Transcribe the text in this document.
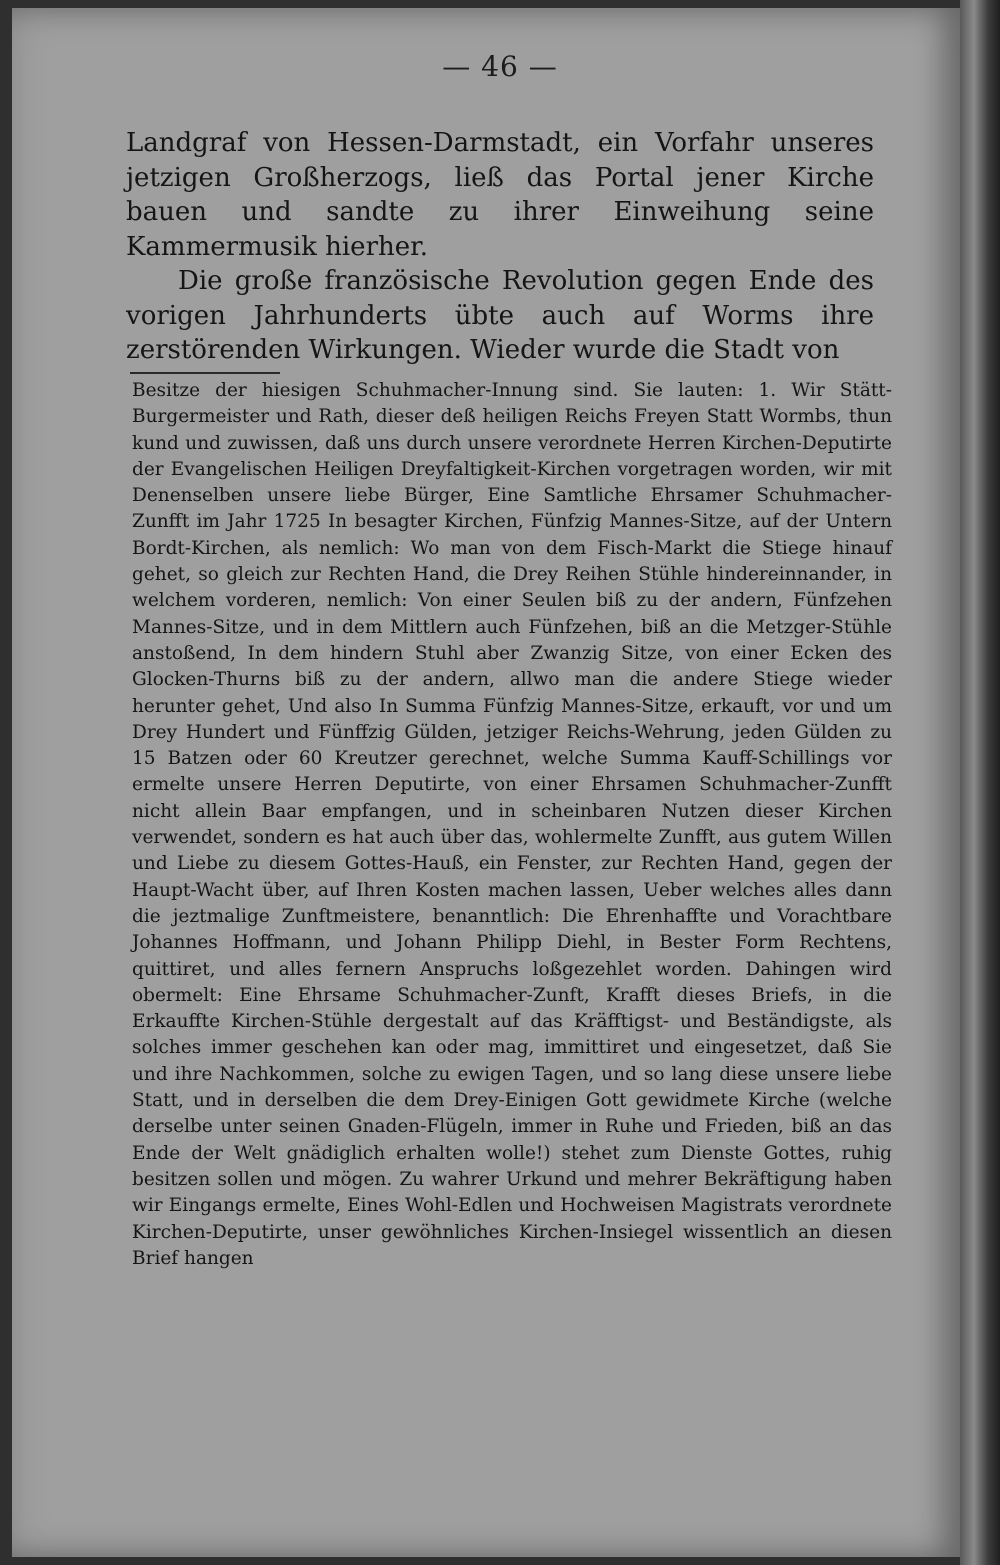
— 46 —

Landgraf von Hessen-Darmstadt, ein Vorfahr unseres jetzigen Großherzogs, ließ das Portal jener Kirche bauen und sandte zu ihrer Einweihung seine Kammermusik hierher.

Die große französische Revolution gegen Ende des vorigen Jahrhunderts übte auch auf Worms ihre zerstörenden Wirkungen. Wieder wurde die Stadt von

Besitze der hiesigen Schuhmacher-Innung sind. Sie lauten: 1. Wir Stätt-Burgermeister und Rath, dieser deß heiligen Reichs Freyen Statt Wormbs, thun kund und zuwissen, daß uns durch unsere verordnete Herren Kirchen-Deputirte der Evangelischen Heiligen Dreyfaltigkeit-Kirchen vorgetragen worden, wir mit Denenselben unsere liebe Bürger, Eine Samtliche Ehrsamer Schuhmacher-Zunfft im Jahr 1725 In besagter Kirchen, Fünfzig Mannes-Sitze, auf der Untern Bordt-Kirchen, als nemlich: Wo man von dem Fisch-Markt die Stiege hinauf gehet, so gleich zur Rechten Hand, die Drey Reihen Stühle hindereinnander, in welchem vorderen, nemlich: Von einer Seulen biß zu der andern, Fünfzehen Mannes-Sitze, und in dem Mittlern auch Fünfzehen, biß an die Metzger-Stühle anstoßend, In dem hindern Stuhl aber Zwanzig Sitze, von einer Ecken des Glocken-Thurns biß zu der andern, allwo man die andere Stiege wieder herunter gehet, Und also In Summa Fünfzig Mannes-Sitze, erkauft, vor und um Drey Hundert und Fünffzig Gülden, jetziger Reichs-Wehrung, jeden Gülden zu 15 Batzen oder 60 Kreutzer gerechnet, welche Summa Kauff-Schillings vor ermelte unsere Herren Deputirte, von einer Ehrsamen Schuhmacher-Zunfft nicht allein Baar empfangen, und in scheinbaren Nutzen dieser Kirchen verwendet, sondern es hat auch über das, wohlermelte Zunfft, aus gutem Willen und Liebe zu diesem Gottes-Hauß, ein Fenster, zur Rechten Hand, gegen der Haupt-Wacht über, auf Ihren Kosten machen lassen, Ueber welches alles dann die jeztmalige Zunftmeistere, benanntlich: Die Ehrenhaffte und Vorachtbare Johannes Hoffmann, und Johann Philipp Diehl, in Bester Form Rechtens, quittiret, und alles fernern Anspruchs loßgezehlet worden. Dahingen wird obermelt: Eine Ehrsame Schuhmacher-Zunft, Krafft dieses Briefs, in die Erkauffte Kirchen-Stühle dergestalt auf das Kräfftigst- und Beständigste, als solches immer geschehen kan oder mag, immittiret und eingesetzet, daß Sie und ihre Nachkommen, solche zu ewigen Tagen, und so lang diese unsere liebe Statt, und in derselben die dem Drey-Einigen Gott gewidmete Kirche (welche derselbe unter seinen Gnaden-Flügeln, immer in Ruhe und Frieden, biß an das Ende der Welt gnädiglich erhalten wolle!) stehet zum Dienste Gottes, ruhig besitzen sollen und mögen. Zu wahrer Urkund und mehrer Bekräftigung haben wir Eingangs ermelte, Eines Wohl-Edlen und Hochweisen Magistrats verordnete Kirchen-Deputirte, unser gewöhnliches Kirchen-Insiegel wissentlich an diesen Brief hangen
